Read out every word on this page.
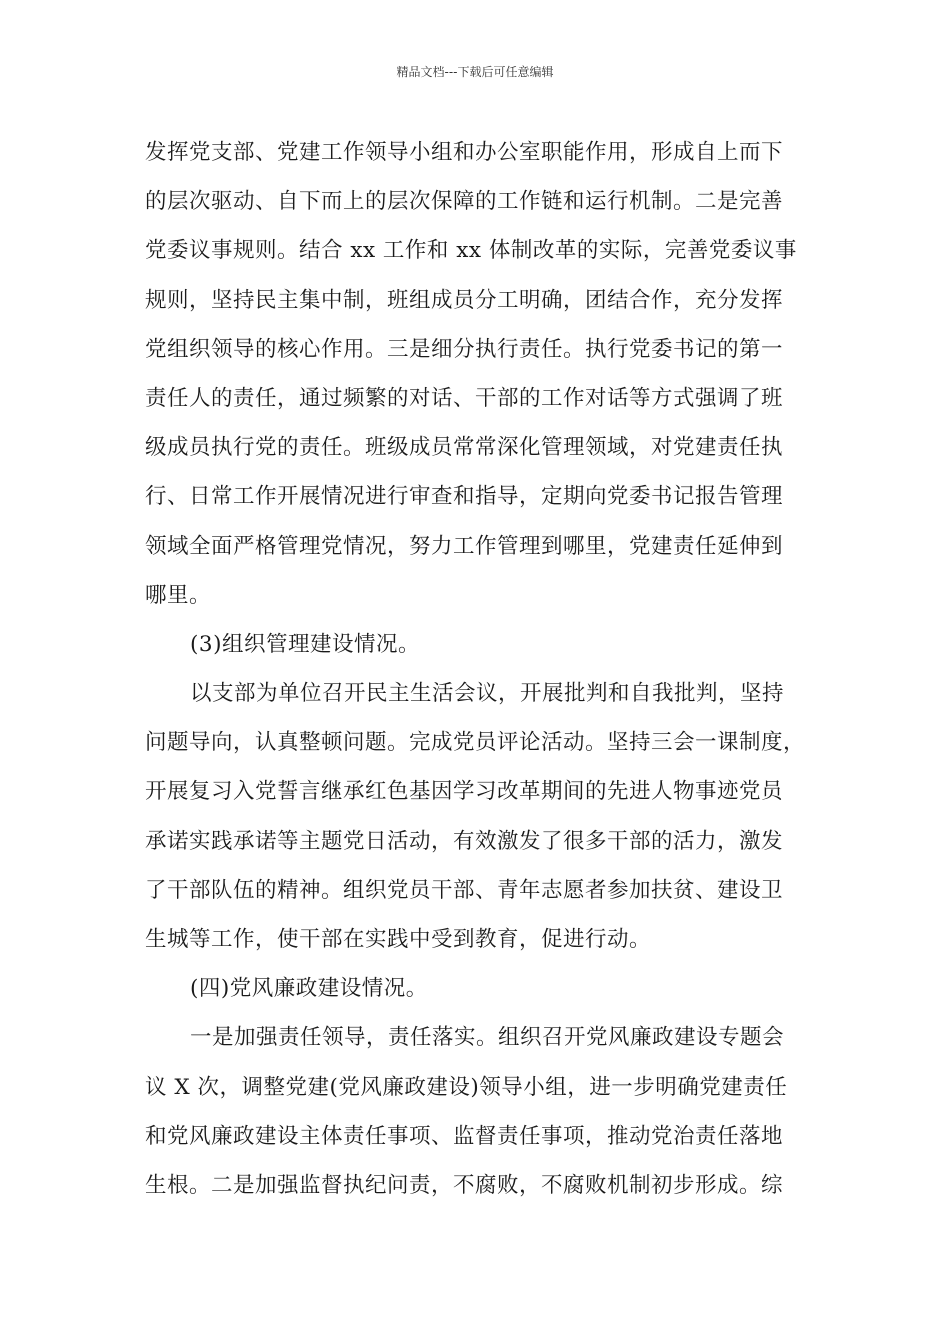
精品文档---下载后可任意编辑
发挥党支部、党建工作领导小组和办公室职能作用，形成自上而下
的层次驱动、自下而上的层次保障的工作链和运行机制。二是完善
党委议事规则。结合 xx 工作和 xx 体制改革的实际，完善党委议事
规则，坚持民主集中制，班组成员分工明确，团结合作，充分发挥
党组织领导的核心作用。三是细分执行责任。执行党委书记的第一
责任人的责任，通过频繁的对话、干部的工作对话等方式强调了班
级成员执行党的责任。班级成员常常深化管理领域，对党建责任执
行、日常工作开展情况进行审查和指导，定期向党委书记报告管理
领域全面严格管理党情况，努力工作管理到哪里，党建责任延伸到
哪里。
(3)组织管理建设情况。
以支部为单位召开民主生活会议，开展批判和自我批判，坚持
问题导向，认真整顿问题。完成党员评论活动。坚持三会一课制度，
开展复习入党誓言继承红色基因学习改革期间的先进人物事迹党员
承诺实践承诺等主题党日活动，有效激发了很多干部的活力，激发
了干部队伍的精神。组织党员干部、青年志愿者参加扶贫、建设卫
生城等工作，使干部在实践中受到教育，促进行动。
(四)党风廉政建设情况。
一是加强责任领导，责任落实。组织召开党风廉政建设专题会
议 X 次，调整党建(党风廉政建设)领导小组，进一步明确党建责任
和党风廉政建设主体责任事项、监督责任事项，推动党治责任落地
生根。二是加强监督执纪问责，不腐败，不腐败机制初步形成。综
